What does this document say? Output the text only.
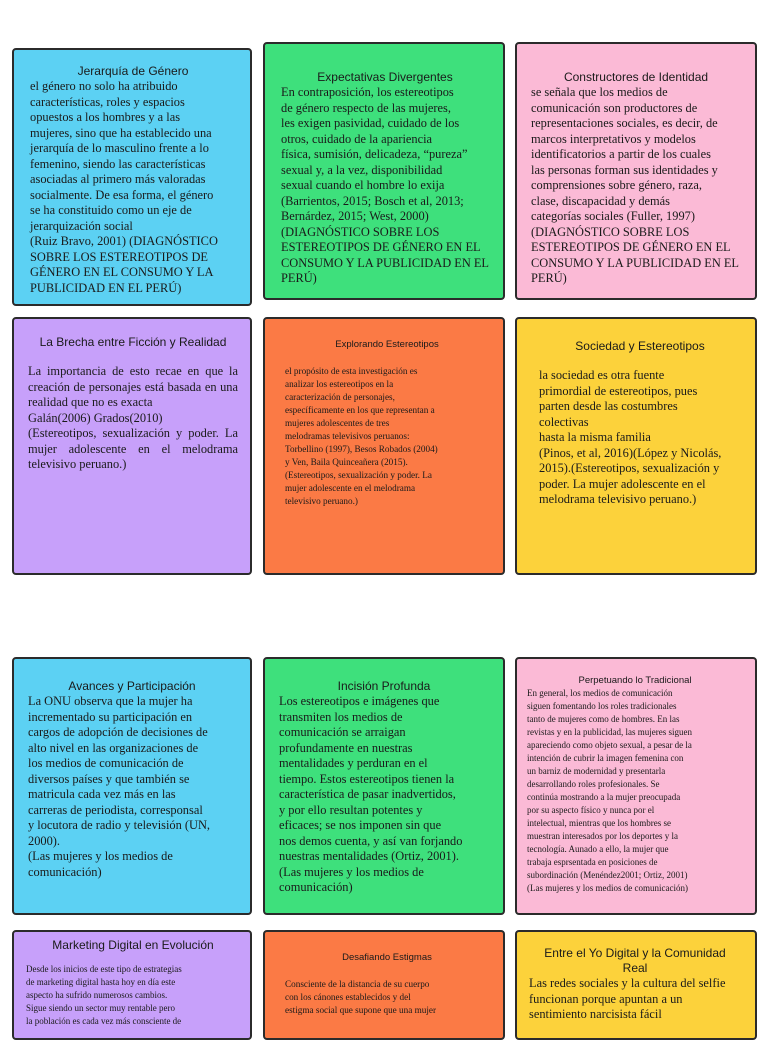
Jerarquía de Género

el género no solo ha atribuido
características, roles y espacios
opuestos a los hombres y a las
mujeres, sino que ha establecido una
jerarquía de lo masculino frente a lo
femenino, siendo las características
asociadas al primero más valoradas
socialmente. De esa forma, el género
se ha constituido como un eje de
jerarquización social
(Ruiz Bravo, 2001) (DIAGNÓSTICO
SOBRE LOS ESTEREOTIPOS DE
GÉNERO EN EL CONSUMO Y LA
PUBLICIDAD EN EL PERÚ)

Expectativas Divergentes

En contraposición, los estereotipos
de género respecto de las mujeres,
les exigen pasividad, cuidado de los
otros, cuidado de la apariencia
física, sumisión, delicadeza, “pureza”
sexual y, a la vez, disponibilidad
sexual cuando el hombre lo exija
(Barrientos, 2015; Bosch et al, 2013;
Bernárdez, 2015; West, 2000)
(DIAGNÓSTICO SOBRE LOS
ESTEREOTIPOS DE GÉNERO EN EL
CONSUMO Y LA PUBLICIDAD EN EL
PERÚ)

Constructores de Identidad

se señala que los medios de
comunicación son productores de
representaciones sociales, es decir, de
marcos interpretativos y modelos
identificatorios a partir de los cuales
las personas forman sus identidades y
comprensiones sobre género, raza,
clase, discapacidad y demás
categorías sociales (Fuller, 1997)
(DIAGNÓSTICO SOBRE LOS
ESTEREOTIPOS DE GÉNERO EN EL
CONSUMO Y LA PUBLICIDAD EN EL
PERÚ)

La Brecha entre Ficción y Realidad

La importancia de esto recae en que la creación de personajes está basada en una realidad que no es exacta
Galán(2006) Grados(2010)
(Estereotipos, sexualización y poder. La mujer adolescente en el melodrama televisivo peruano.)

Explorando Estereotipos

el propósito de esta investigación es
analizar los estereotipos en la
caracterización de personajes,
específicamente en los que representan a
mujeres adolescentes de tres
melodramas televisivos peruanos:
Torbellino (1997), Besos Robados (2004)
y Ven, Baila Quinceañera (2015).
(Estereotipos, sexualización y poder. La
mujer adolescente en el melodrama
televisivo peruano.)

Sociedad y Estereotipos

la sociedad es otra fuente
primordial de estereotipos, pues
parten desde las costumbres
colectivas
hasta la misma familia
(Pinos, et al, 2016)(López y Nicolás,
2015).(Estereotipos, sexualización y
poder. La mujer adolescente en el
melodrama televisivo peruano.)

Avances y Participación

La ONU observa que la mujer ha
incrementado su participación en
cargos de adopción de decisiones de
alto nivel en las organizaciones de
los medios de comunicación de
diversos países y que también se
matricula cada vez más en las
carreras de periodista, corresponsal
y locutora de radio y televisión (UN,
2000).
(Las mujeres y los medios de
comunicación)

Incisión Profunda

Los estereotipos e imágenes que
transmiten los medios de
comunicación se arraigan
profundamente en nuestras
mentalidades y perduran en el
tiempo. Estos estereotipos tienen la
característica de pasar inadvertidos,
y por ello resultan potentes y
eficaces; se nos imponen sin que
nos demos cuenta, y así van forjando
nuestras mentalidades (Ortiz, 2001).
(Las mujeres y los medios de
comunicación)

Perpetuando lo Tradicional

En general, los medios de comunicación
siguen fomentando los roles tradicionales
tanto de mujeres como de hombres. En las
revistas y en la publicidad, las mujeres siguen
apareciendo como objeto sexual, a pesar de la
intención de cubrir la imagen femenina con
un barniz de modernidad y presentarla
desarrollando roles profesionales. Se
continúa mostrando a la mujer preocupada
por su aspecto físico y nunca por el
intelectual, mientras que los hombres se
muestran interesados por los deportes y la
tecnología. Aunado a ello, la mujer que
trabaja esprsentada en posiciones de
subordinación (Menéndez2001; Ortiz, 2001)
(Las mujeres y los medios de comunicación)

Marketing Digital en Evolución

Desde los inicios de este tipo de estrategias
de marketing digital hasta hoy en día este
aspecto ha sufrido numerosos cambios.
Sigue siendo un sector muy rentable pero
la población es cada vez más consciente de

Desafiando Estigmas

Consciente de la distancia de su cuerpo
con los cánones establecidos y del
estigma social que supone que una mujer

Entre el Yo Digital y la Comunidad
Real

Las redes sociales y la cultura del selfie
funcionan porque apuntan a un
sentimiento narcisista fácil
